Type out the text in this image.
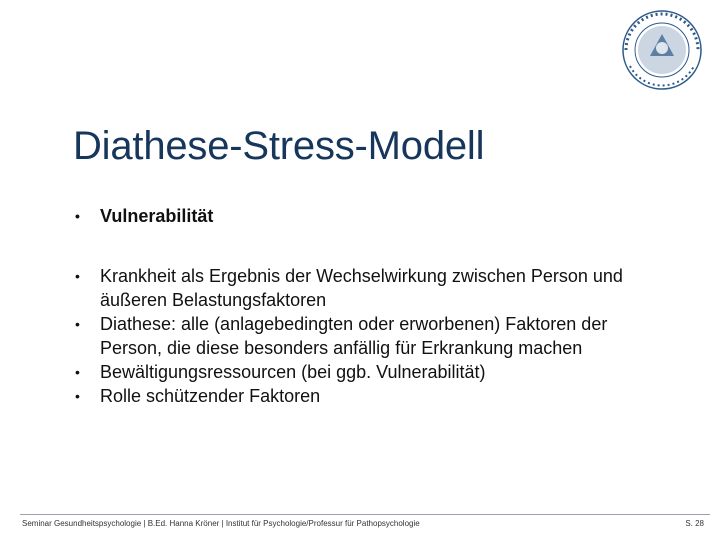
Diathese-Stress-Modell
• Vulnerabilität
• Krankheit als Ergebnis der Wechselwirkung zwischen Person und äußeren Belastungsfaktoren
• Diathese: alle (anlagebedingten oder erworbenen) Faktoren der Person, die diese besonders anfällig für Erkrankung machen
• Bewältigungsressourcen (bei ggb. Vulnerabilität)
• Rolle schützender Faktoren
Seminar Gesundheitspsychologie | B.Ed. Hanna Kröner | Institut für Psychologie/Professur für Pathopsychologie	S. 28
